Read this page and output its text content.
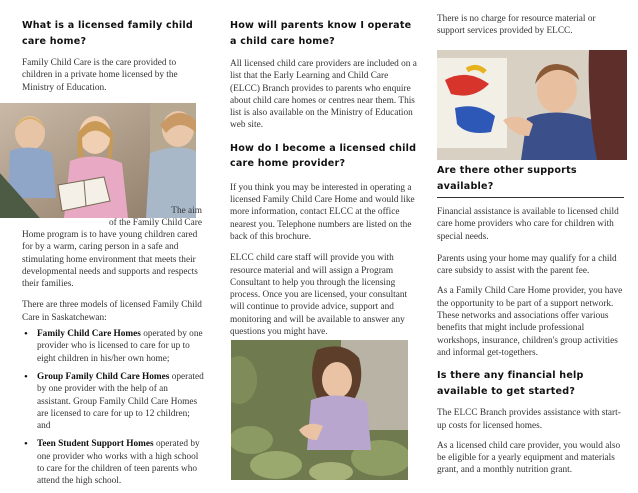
What is a licensed family child care home?

Family Child Care is the care provided to children in a private home licensed by the Ministry of Education.

The aim

of the Family Child Care

Home program is to have young children cared for by a warm, caring person in a safe and stimulating home environment that meets their developmental needs and supports and respects their families.

There are three models of licensed Family Child Care in Saskatchewan:

• Family Child Care Homes operated by one provider who is licensed to care for up to eight children in his/her own home;
• Group Family Child Care Homes operated by one provider with the help of an assistant. Group Family Child Care Homes are licensed to care for up to 12 children; and
• Teen Student Support Homes operated by one provider who works with a high school to care for the children of teen parents who attend the high school.
How will parents know I operate a child care home?

All licensed child care providers are included on a list that the Early Learning and Child Care (ELCC) Branch provides to parents who enquire about child care homes or centres near them. This list is also available on the Ministry of Education web site.

How do I become a licensed child care home provider?

If you think you may be interested in operating a licensed Family Child Care Home and would like more information, contact ELCC at the office nearest you. Telephone numbers are listed on the back of this brochure.

ELCC child care staff will provide you with resource material and will assign a Program Consultant to help you through the licensing process. Once you are licensed, your consultant will continue to provide advice, support and monitoring and will be available to answer any questions you might have.

There is no charge for resource material or support services provided by ELCC.

Are there other supports available?

Financial assistance is available to licensed child care home providers who care for children with special needs.

Parents using your home may qualify for a child care subsidy to assist with the parent fee.

As a Family Child Care Home provider, you have the opportunity to be part of a support network. These networks and associations offer various benefits that might include professional workshops, insurance, children's group activities and informal get-togethers.

Is there any financial help available to get started?

The ELCC Branch provides assistance with start-up costs for licensed homes.

As a licensed child care provider, you would also be eligible for a yearly equipment and materials grant, and a monthly nutrition grant.
